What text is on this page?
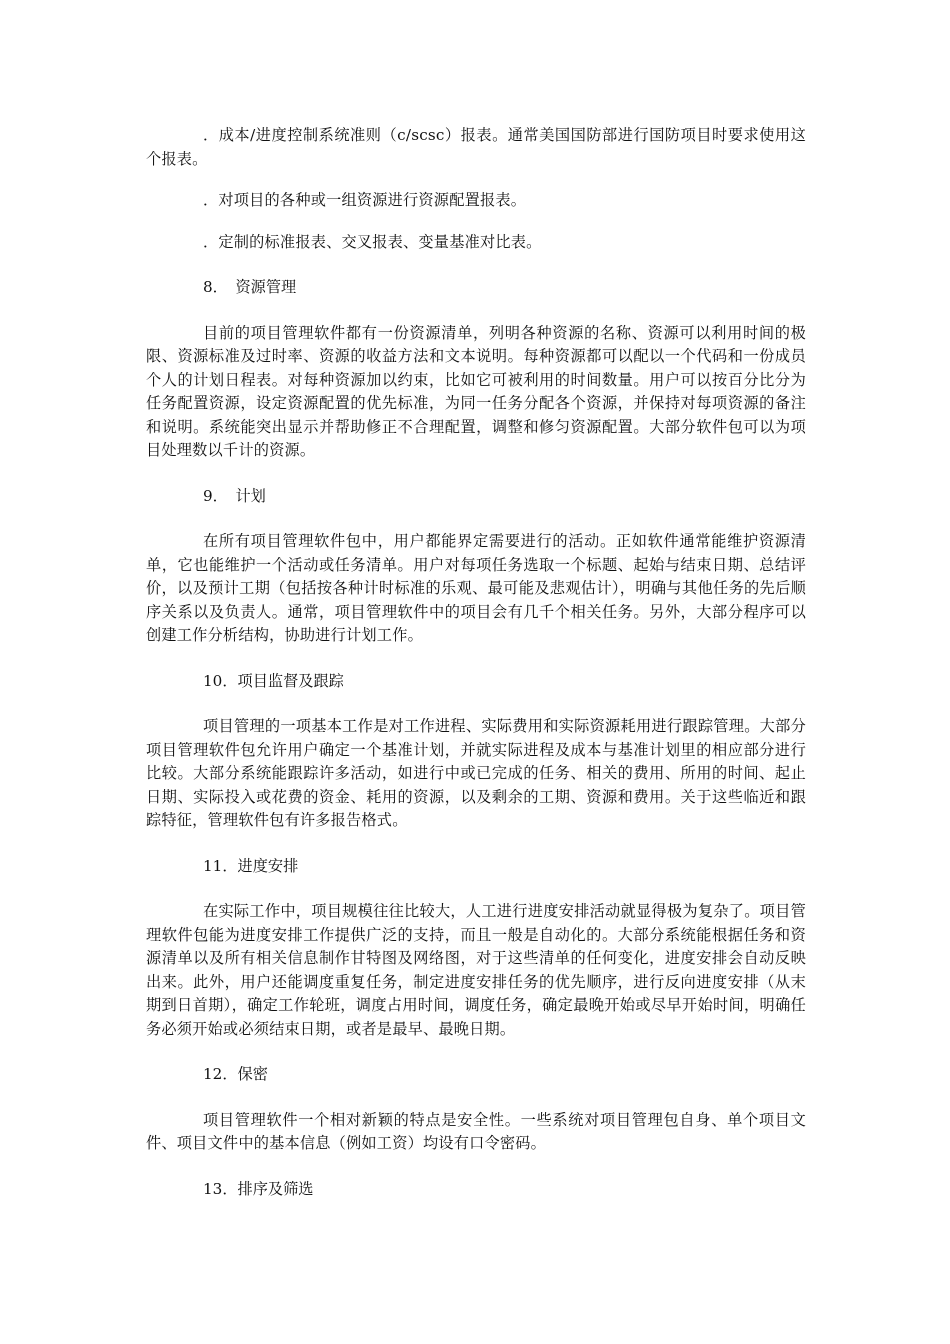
．成本/进度控制系统准则（c/scsc）报表。通常美国国防部进行国防项目时要求使用这个报表。

．对项目的各种或一组资源进行资源配置报表。

．定制的标准报表、交叉报表、变量基准对比表。

8．　资源管理

目前的项目管理软件都有一份资源清单，列明各种资源的名称、资源可以利用时间的极限、资源标准及过时率、资源的收益方法和文本说明。每种资源都可以配以一个代码和一份成员个人的计划日程表。对每种资源加以约束，比如它可被利用的时间数量。用户可以按百分比分为任务配置资源，设定资源配置的优先标准，为同一任务分配各个资源，并保持对每项资源的备注和说明。系统能突出显示并帮助修正不合理配置，调整和修匀资源配置。大部分软件包可以为项目处理数以千计的资源。

9．　计划

在所有项目管理软件包中，用户都能界定需要进行的活动。正如软件通常能维护资源清单，它也能维护一个活动或任务清单。用户对每项任务选取一个标题、起始与结束日期、总结评价，以及预计工期（包括按各种计时标准的乐观、最可能及悲观估计），明确与其他任务的先后顺序关系以及负责人。通常，项目管理软件中的项目会有几千个相关任务。另外，大部分程序可以创建工作分析结构，协助进行计划工作。

10．项目监督及跟踪

项目管理的一项基本工作是对工作进程、实际费用和实际资源耗用进行跟踪管理。大部分项目管理软件包允许用户确定一个基准计划，并就实际进程及成本与基准计划里的相应部分进行比较。大部分系统能跟踪许多活动，如进行中或已完成的任务、相关的费用、所用的时间、起止日期、实际投入或花费的资金、耗用的资源，以及剩余的工期、资源和费用。关于这些临近和跟踪特征，管理软件包有许多报告格式。

11．进度安排

在实际工作中，项目规模往往比较大，人工进行进度安排活动就显得极为复杂了。项目管理软件包能为进度安排工作提供广泛的支持，而且一般是自动化的。大部分系统能根据任务和资源清单以及所有相关信息制作甘特图及网络图，对于这些清单的任何变化，进度安排会自动反映出来。此外，用户还能调度重复任务，制定进度安排任务的优先顺序，进行反向进度安排（从末期到日首期），确定工作轮班，调度占用时间，调度任务，确定最晚开始或尽早开始时间，明确任务必须开始或必须结束日期，或者是最早、最晚日期。

12．保密

项目管理软件一个相对新颖的特点是安全性。一些系统对项目管理包自身、单个项目文件、项目文件中的基本信息（例如工资）均设有口令密码。

13．排序及筛选
